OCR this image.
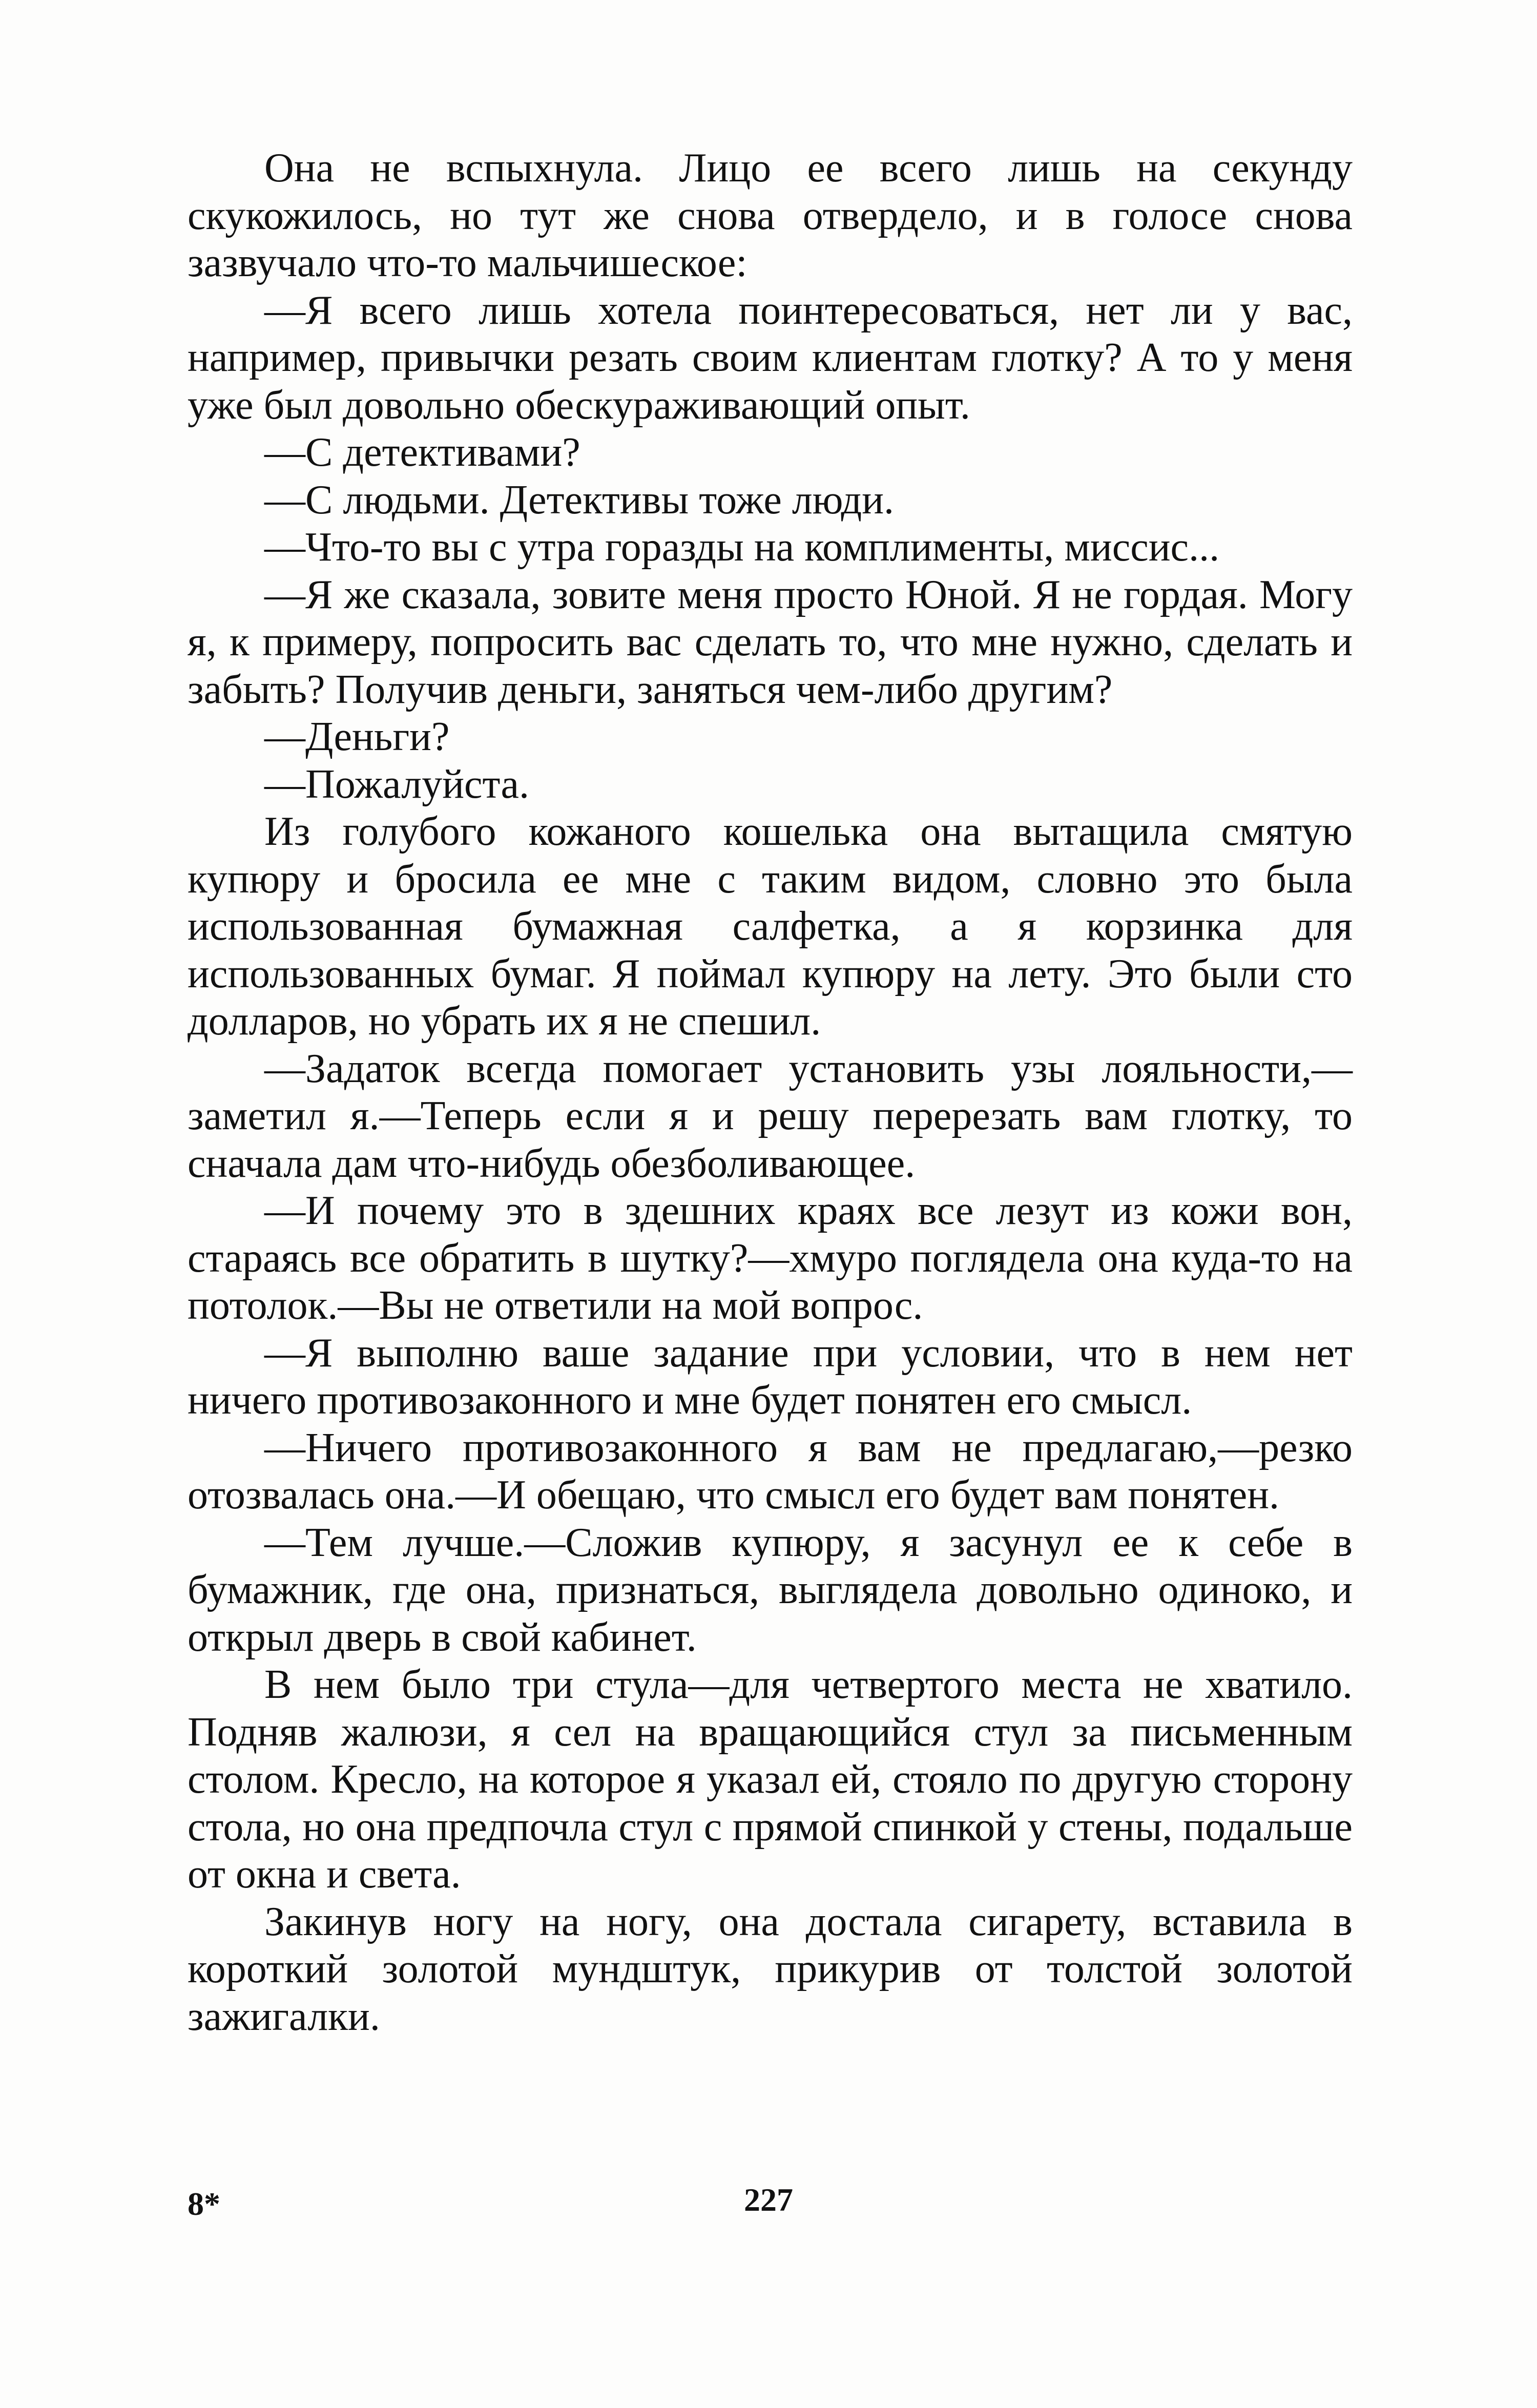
Она не вспыхнула. Лицо ее всего лишь на секунду скукожилось, но тут же снова отвердело, и в голосе снова зазвучало что-то мальчишеское:

—Я всего лишь хотела поинтересоваться, нет ли у вас, например, привычки резать своим клиентам глотку? А то у меня уже был довольно обескураживающий опыт.

—С детективами?

—С людьми. Детективы тоже люди.

—Что-то вы с утра горазды на комплименты, миссис...

—Я же сказала, зовите меня просто Юной. Я не гордая. Могу я, к примеру, попросить вас сделать то, что мне нужно, сделать и забыть? Получив деньги, заняться чем-либо другим?

—Деньги?

—Пожалуйста.

Из голубого кожаного кошелька она вытащила смятую купюру и бросила ее мне с таким видом, словно это была использованная бумажная салфетка, а я корзинка для использованных бумаг. Я поймал купюру на лету. Это были сто долларов, но убрать их я не спешил.

—Задаток всегда помогает установить узы лояльности,—заметил я.—Теперь если я и решу перерезать вам глотку, то сначала дам что-нибудь обезболивающее.

—И почему это в здешних краях все лезут из кожи вон, стараясь все обратить в шутку?—хмуро поглядела она куда-то на потолок.—Вы не ответили на мой вопрос.

—Я выполню ваше задание при условии, что в нем нет ничего противозаконного и мне будет понятен его смысл.

—Ничего противозаконного я вам не предлагаю,—резко отозвалась она.—И обещаю, что смысл его будет вам понятен.

—Тем лучше.—Сложив купюру, я засунул ее к себе в бумажник, где она, признаться, выглядела довольно одиноко, и открыл дверь в свой кабинет.

В нем было три стула—для четвертого места не хватило. Подняв жалюзи, я сел на вращающийся стул за письменным столом. Кресло, на которое я указал ей, стояло по другую сторону стола, но она предпочла стул с прямой спинкой у стены, подальше от окна и света.

Закинув ногу на ногу, она достала сигарету, вставила в короткий золотой мундштук, прикурив от толстой золотой зажигалки.

8*	227
